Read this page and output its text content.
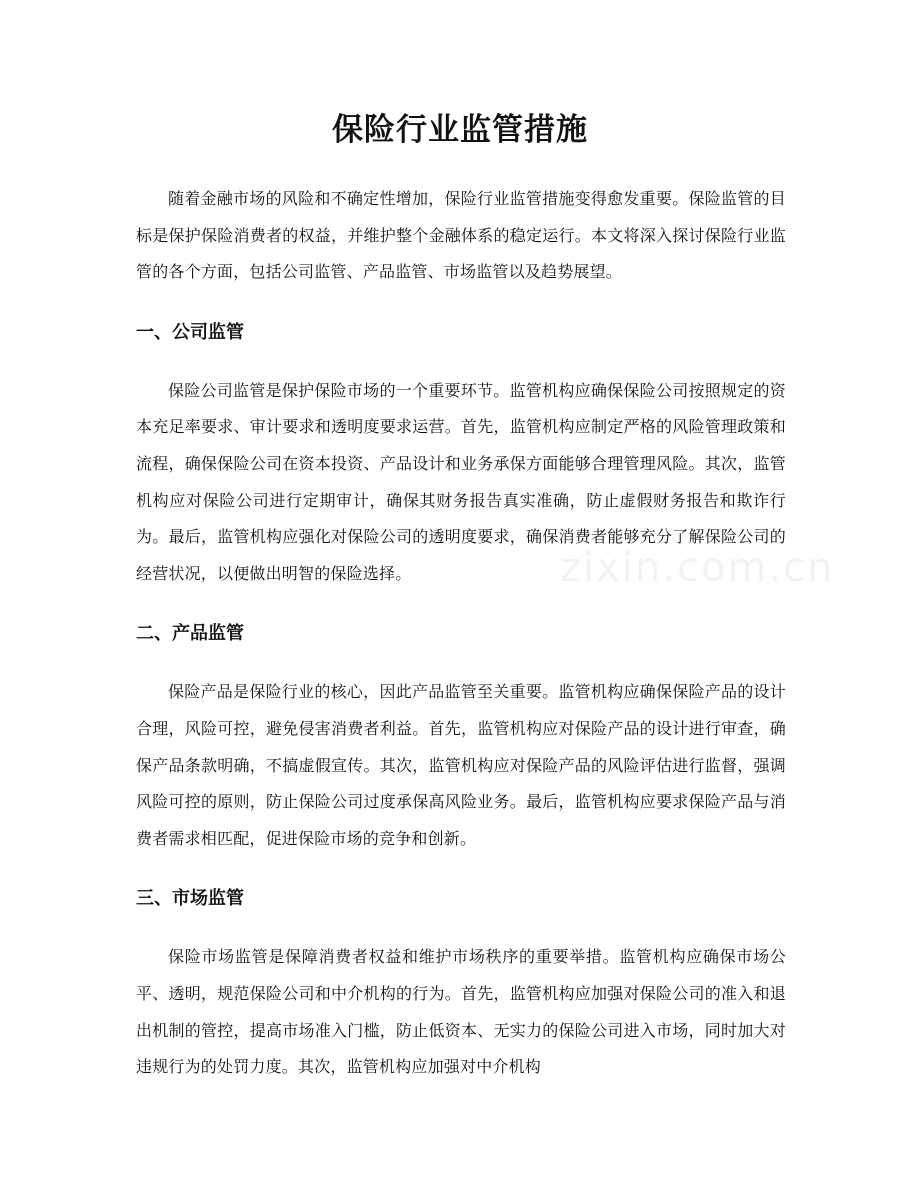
保险行业监管措施

随着金融市场的风险和不确定性增加，保险行业监管措施变得愈发重要。保险监管的目标是保护保险消费者的权益，并维护整个金融体系的稳定运行。本文将深入探讨保险行业监管的各个方面，包括公司监管、产品监管、市场监管以及趋势展望。

一、公司监管

保险公司监管是保护保险市场的一个重要环节。监管机构应确保保险公司按照规定的资本充足率要求、审计要求和透明度要求运营。首先，监管机构应制定严格的风险管理政策和流程，确保保险公司在资本投资、产品设计和业务承保方面能够合理管理风险。其次，监管机构应对保险公司进行定期审计，确保其财务报告真实准确，防止虚假财务报告和欺诈行为。最后，监管机构应强化对保险公司的透明度要求，确保消费者能够充分了解保险公司的经营状况，以便做出明智的保险选择。

二、产品监管

保险产品是保险行业的核心，因此产品监管至关重要。监管机构应确保保险产品的设计合理，风险可控，避免侵害消费者利益。首先，监管机构应对保险产品的设计进行审查，确保产品条款明确，不搞虚假宣传。其次，监管机构应对保险产品的风险评估进行监督，强调风险可控的原则，防止保险公司过度承保高风险业务。最后，监管机构应要求保险产品与消费者需求相匹配，促进保险市场的竞争和创新。

三、市场监管

保险市场监管是保障消费者权益和维护市场秩序的重要举措。监管机构应确保市场公平、透明，规范保险公司和中介机构的行为。首先，监管机构应加强对保险公司的准入和退出机制的管控，提高市场准入门槛，防止低资本、无实力的保险公司进入市场，同时加大对违规行为的处罚力度。其次，监管机构应加强对中介机构

zixin.com.cn
